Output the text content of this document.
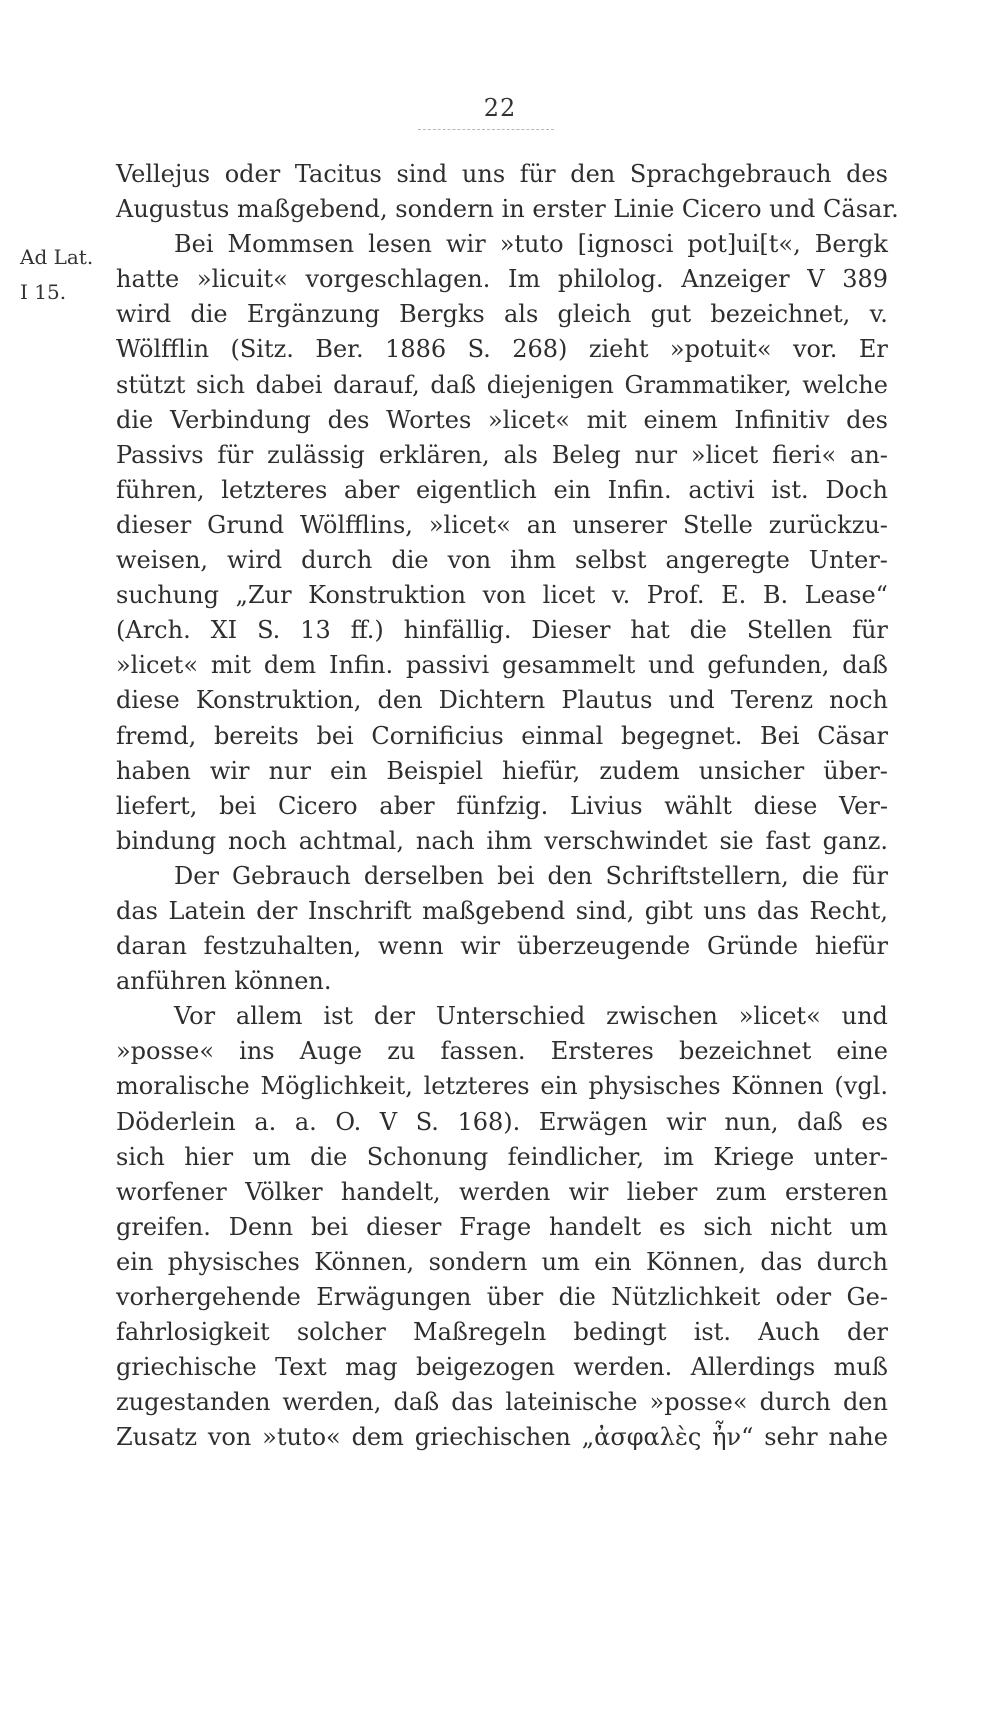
22
Ad Lat.
I 15.
Vellejus oder Tacitus sind uns für den Sprachgebrauch des
Augustus maßgebend, sondern in erster Linie Cicero und Cäsar.
Bei Mommsen lesen wir »tuto [ignosci pot]ui[t«, Bergk
hatte »licuit« vorgeschlagen. Im philolog. Anzeiger V 389
wird die Ergänzung Bergks als gleich gut bezeichnet, v.
Wölfflin (Sitz. Ber. 1886 S. 268) zieht »potuit« vor. Er
stützt sich dabei darauf, daß diejenigen Grammatiker, welche
die Verbindung des Wortes »licet« mit einem Infinitiv des
Passivs für zulässig erklären, als Beleg nur »licet fieri« an-
führen, letzteres aber eigentlich ein Infin. activi ist. Doch
dieser Grund Wölfflins, »licet« an unserer Stelle zurückzu-
weisen, wird durch die von ihm selbst angeregte Unter-
suchung „Zur Konstruktion von licet v. Prof. E. B. Lease“
(Arch. XI S. 13 ff.) hinfällig. Dieser hat die Stellen für
»licet« mit dem Infin. passivi gesammelt und gefunden, daß
diese Konstruktion, den Dichtern Plautus und Terenz noch
fremd, bereits bei Cornificius einmal begegnet. Bei Cäsar
haben wir nur ein Beispiel hiefür, zudem unsicher über-
liefert, bei Cicero aber fünfzig. Livius wählt diese Ver-
bindung noch achtmal, nach ihm verschwindet sie fast ganz.
Der Gebrauch derselben bei den Schriftstellern, die für
das Latein der Inschrift maßgebend sind, gibt uns das Recht,
daran festzuhalten, wenn wir überzeugende Gründe hiefür
anführen können.
Vor allem ist der Unterschied zwischen »licet« und
»posse« ins Auge zu fassen. Ersteres bezeichnet eine
moralische Möglichkeit, letzteres ein physisches Können (vgl.
Döderlein a. a. O. V S. 168). Erwägen wir nun, daß es
sich hier um die Schonung feindlicher, im Kriege unter-
worfener Völker handelt, werden wir lieber zum ersteren
greifen. Denn bei dieser Frage handelt es sich nicht um
ein physisches Können, sondern um ein Können, das durch
vorhergehende Erwägungen über die Nützlichkeit oder Ge-
fahrlosigkeit solcher Maßregeln bedingt ist. Auch der
griechische Text mag beigezogen werden. Allerdings muß
zugestanden werden, daß das lateinische »posse« durch den
Zusatz von »tuto« dem griechischen „ἀσφαλὲς ἦν“ sehr nahe
